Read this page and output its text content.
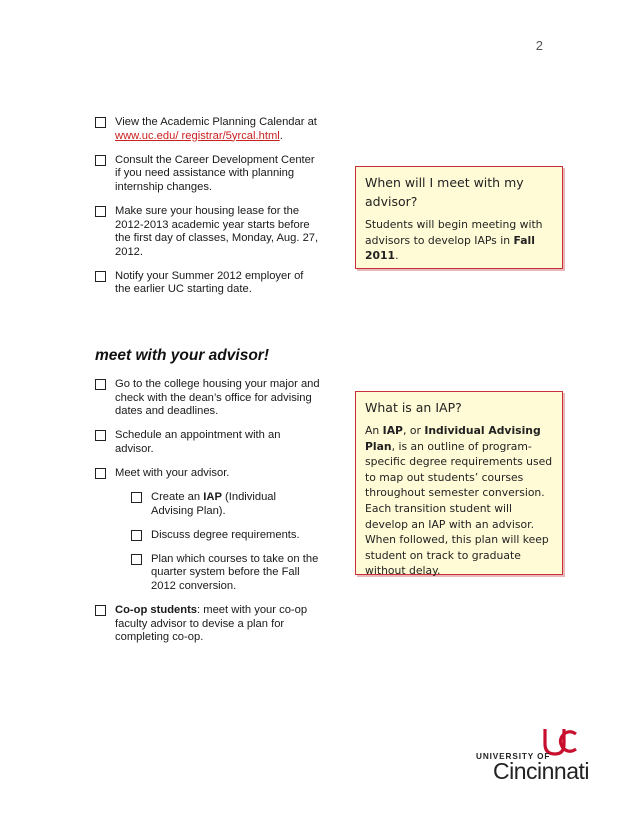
2
View the Academic Planning Calendar at
www.uc.edu/ registrar/5yrcal.html.
Consult the Career Development Center if you need assistance with planning internship changes.
Make sure your housing lease for the 2012-2013 academic year starts before the first day of classes, Monday, Aug. 27, 2012.
Notify your Summer 2012 employer of the earlier UC starting date.
meet with your advisor!
Go to the college housing your major and check with the dean’s office for advising dates and deadlines.
Schedule an appointment with an advisor.
Meet with your advisor.
Create an IAP (Individual Advising Plan).
Discuss degree requirements.
Plan which courses to take on the quarter system before the Fall 2012 conversion.
Co-op students: meet with your co-op faculty advisor to devise a plan for completing co-op.

When will I meet with my advisor?

Students will begin meeting with advisors to develop IAPs in Fall 2011.

What is an IAP?

An IAP, or Individual Advising Plan, is an outline of program-specific degree requirements used to map out students’ courses throughout semester conversion. Each transition student will develop an IAP with an advisor. When followed, this plan will keep student on track to graduate without delay.

UNIVERSITY OF
Cincinnati
